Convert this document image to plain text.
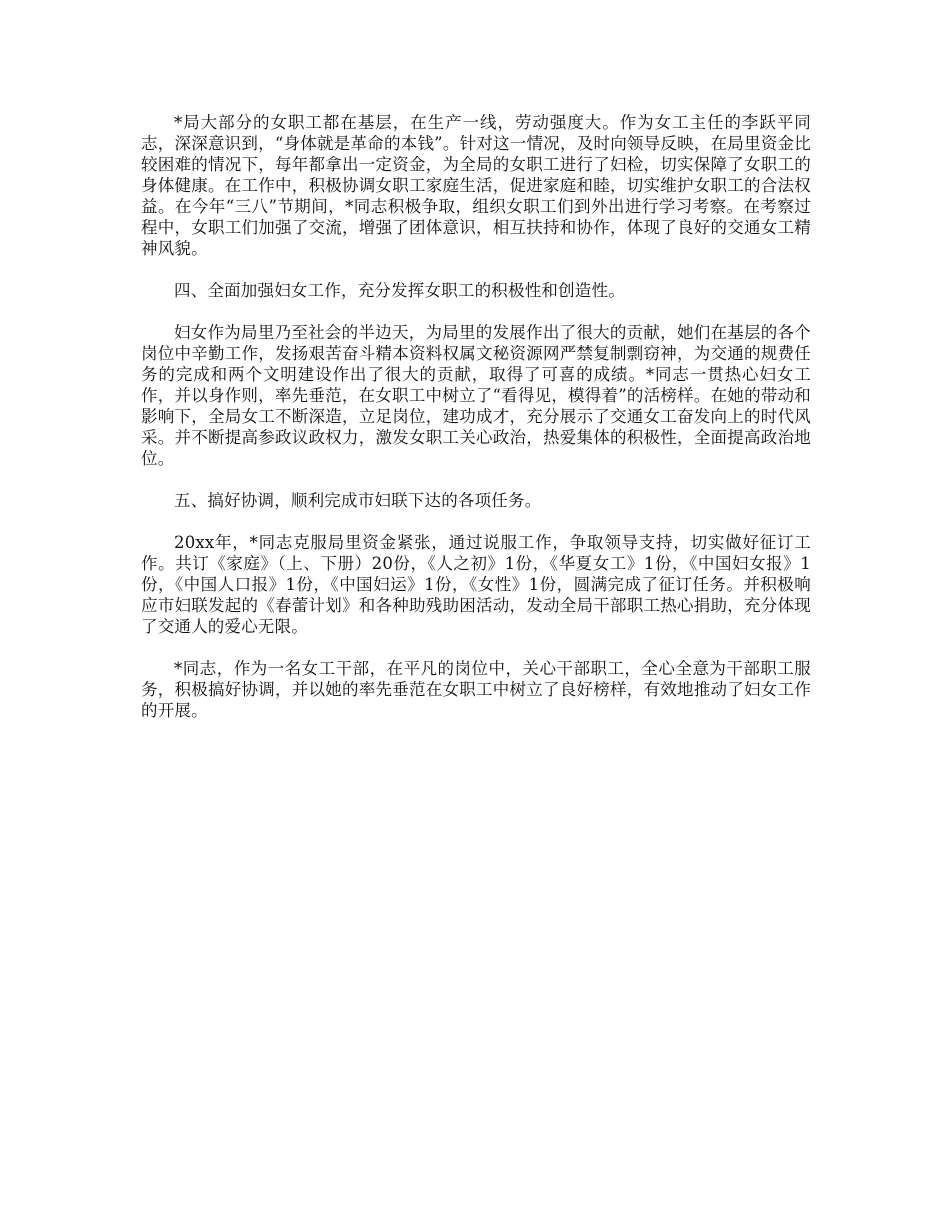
*局大部分的女职工都在基层，在生产一线，劳动强度大。作为女工主任的李跃平同志，深深意识到，“身体就是革命的本钱”。针对这一情况，及时向领导反映，在局里资金比较困难的情况下，每年都拿出一定资金，为全局的女职工进行了妇检，切实保障了女职工的身体健康。在工作中，积极协调女职工家庭生活，促进家庭和睦，切实维护女职工的合法权益。在今年“三八”节期间，*同志积极争取，组织女职工们到外出进行学习考察。在考察过程中，女职工们加强了交流，增强了团体意识，相互扶持和协作，体现了良好的交通女工精神风貌。

四、全面加强妇女工作，充分发挥女职工的积极性和创造性。

妇女作为局里乃至社会的半边天，为局里的发展作出了很大的贡献，她们在基层的各个岗位中辛勤工作，发扬艰苦奋斗精本资料权属文秘资源网严禁复制剽窃神，为交通的规费任务的完成和两个文明建设作出了很大的贡献，取得了可喜的成绩。*同志一贯热心妇女工作，并以身作则，率先垂范，在女职工中树立了“看得见，模得着”的活榜样。在她的带动和影响下，全局女工不断深造，立足岗位，建功成才，充分展示了交通女工奋发向上的时代风采。并不断提高参政议政权力，激发女职工关心政治，热爱集体的积极性，全面提高政治地位。

五、搞好协调，顺利完成市妇联下达的各项任务。

20xx年，*同志克服局里资金紧张，通过说服工作，争取领导支持，切实做好征订工作。共订《家庭》（上、下册）20份，《人之初》1份，《华夏女工》1份，《中国妇女报》1份，《中国人口报》1份，《中国妇运》1份，《女性》1份，圆满完成了征订任务。并积极响应市妇联发起的《春蕾计划》和各种助残助困活动，发动全局干部职工热心捐助，充分体现了交通人的爱心无限。

*同志，作为一名女工干部，在平凡的岗位中，关心干部职工，全心全意为干部职工服务，积极搞好协调，并以她的率先垂范在女职工中树立了良好榜样，有效地推动了妇女工作的开展。
